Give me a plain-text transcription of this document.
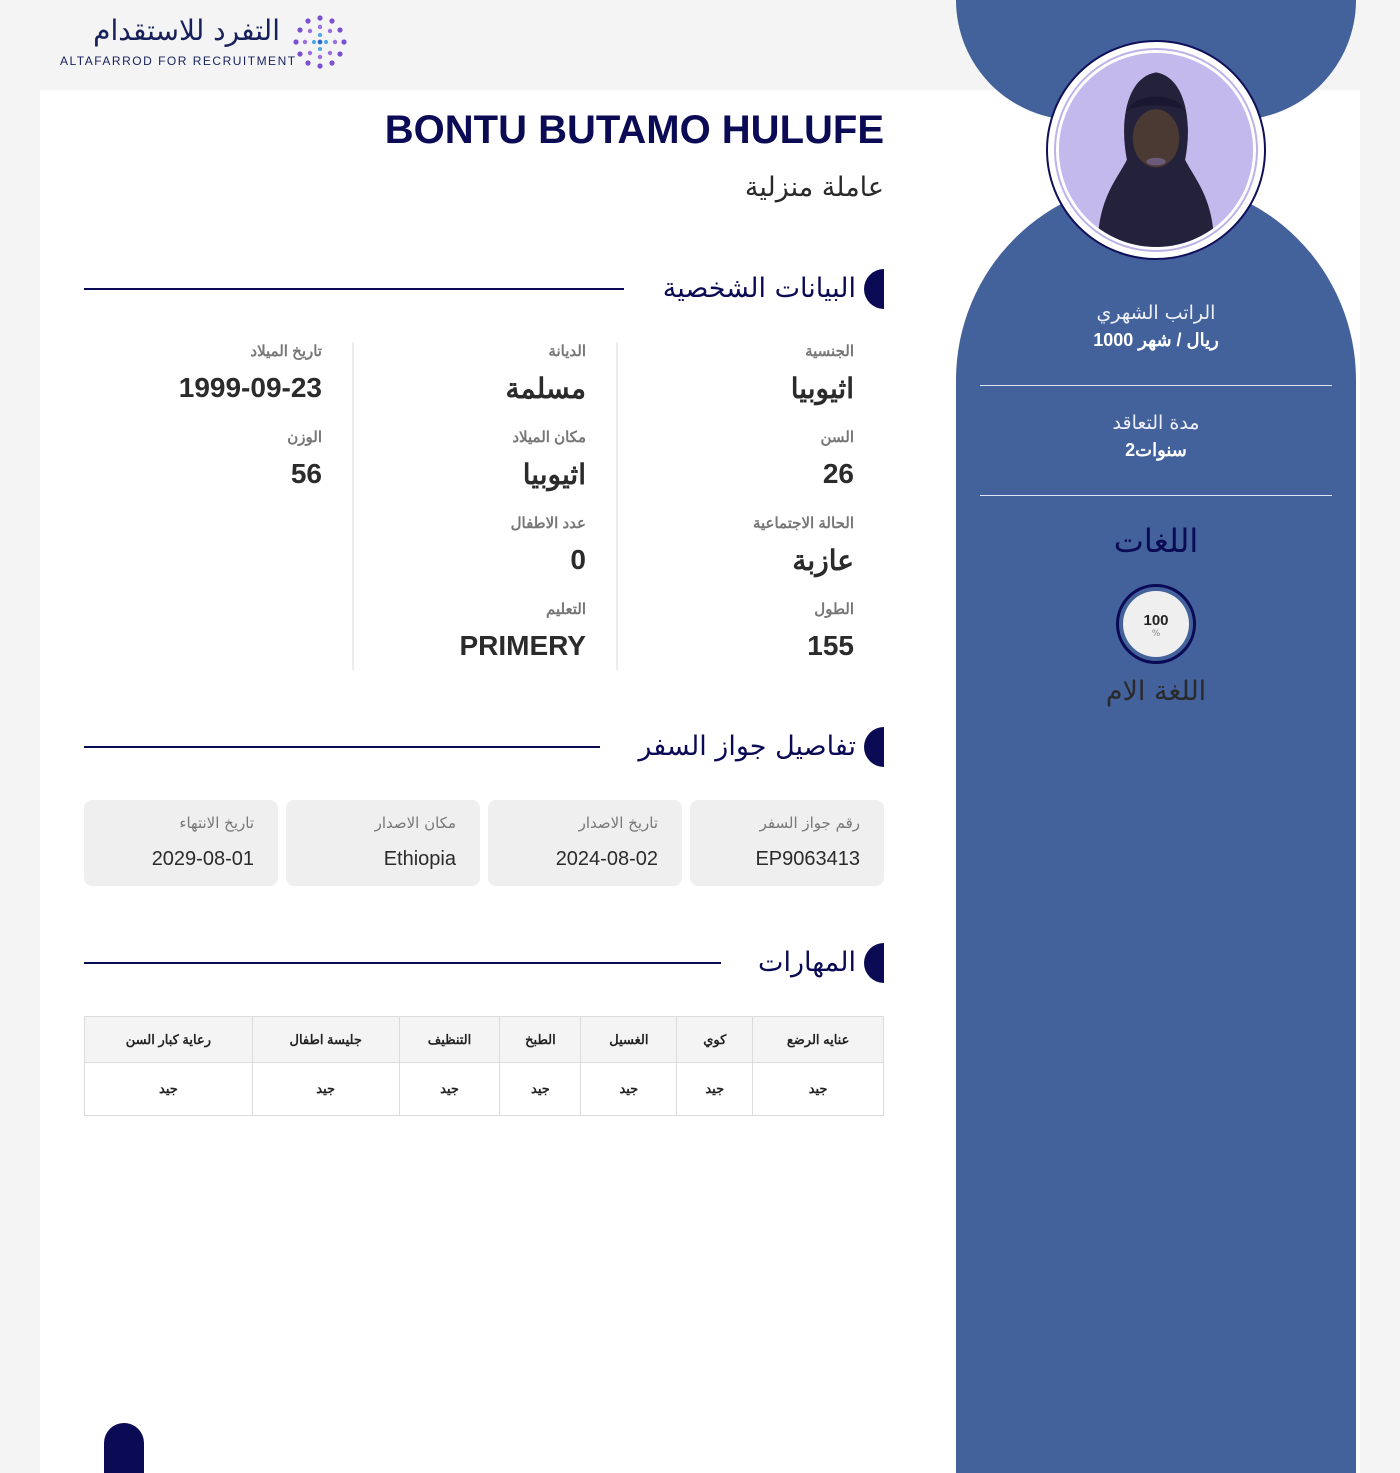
التفرد للاستقدام
ALTAFARROD FOR RECRUITMENT
BONTU BUTAMO HULUFE
عاملة منزلية
البيانات الشخصية
الجنسية
اثيوبيا
السن
26
الحالة الاجتماعية
عازبة
الطول
155
الديانة
مسلمة
مكان الميلاد
اثيوبيا
عدد الاطفال
0
التعليم
PRIMERY
تاريخ الميلاد
1999-09-23
الوزن
56
تفاصيل جواز السفر
رقم جواز السفر
EP9063413
تاريخ الاصدار
2024-08-02
مكان الاصدار
Ethiopia
تاريخ الانتهاء
2029-08-01
المهارات
عنايه الرضع	كوي	الغسيل	الطبخ	التنظيف	جليسة اطفال	رعاية كبار السن
جيد	جيد	جيد	جيد	جيد	جيد	جيد
الراتب الشهري
1000 ريال / شهر
مدة التعاقد
2سنوات
اللغات
100
%
اللغة الام
